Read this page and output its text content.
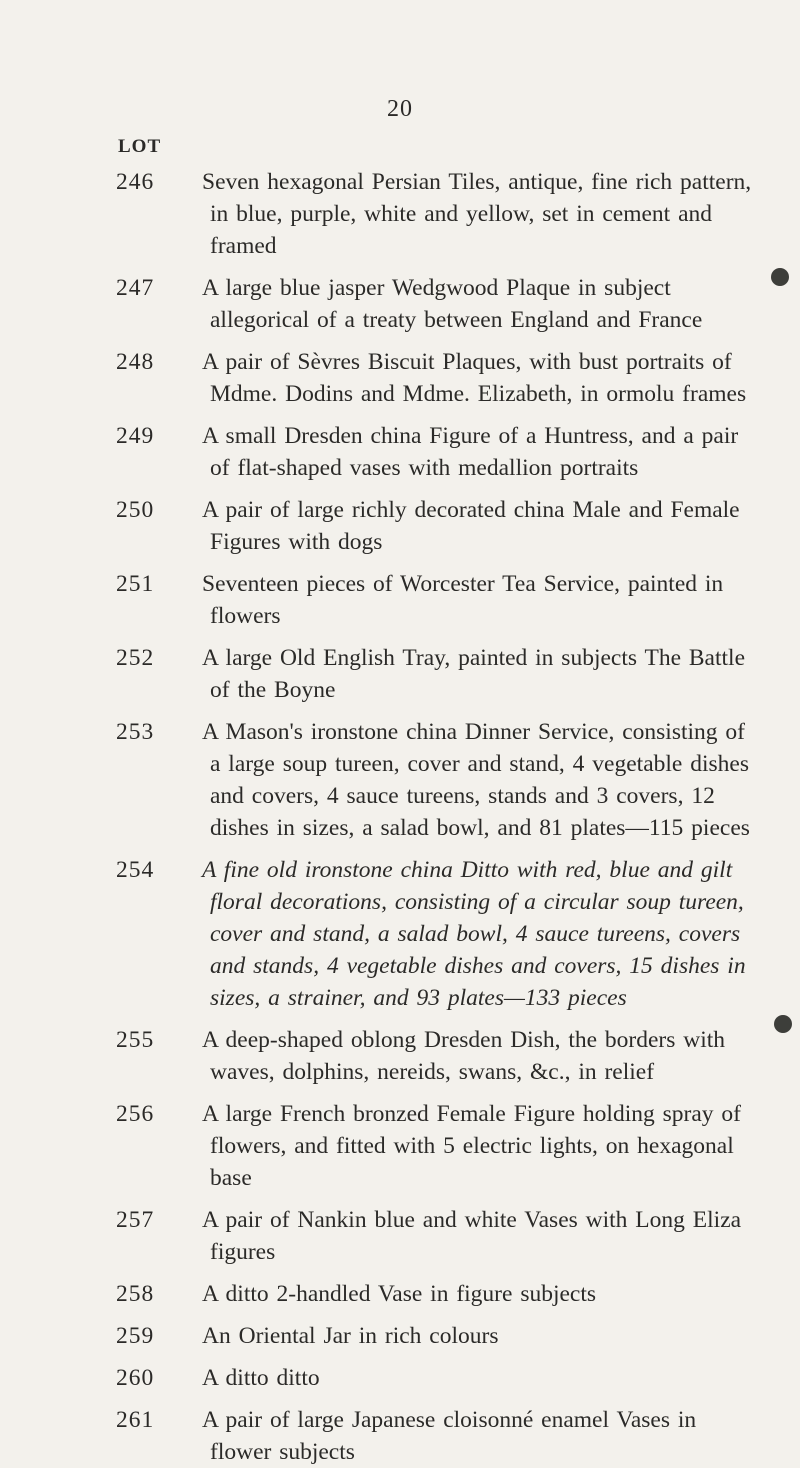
20
LOT
246	Seven hexagonal Persian Tiles, antique, fine rich pattern, in blue, purple, white and yellow, set in cement and framed
247	A large blue jasper Wedgwood Plaque in subject allegorical of a treaty between England and France
248	A pair of Sèvres Biscuit Plaques, with bust portraits of Mdme. Dodins and Mdme. Elizabeth, in ormolu frames
249	A small Dresden china Figure of a Huntress, and a pair of flat-shaped vases with medallion portraits
250	A pair of large richly decorated china Male and Female Figures with dogs
251	Seventeen pieces of Worcester Tea Service, painted in flowers
252	A large Old English Tray, painted in subjects The Battle of the Boyne
253	A Mason's ironstone china Dinner Service, consisting of a large soup tureen, cover and stand, 4 vegetable dishes and covers, 4 sauce tureens, stands and 3 covers, 12 dishes in sizes, a salad bowl, and 81 plates—115 pieces
254	A fine old ironstone china Ditto with red, blue and gilt floral decorations, consisting of a circular soup tureen, cover and stand, a salad bowl, 4 sauce tureens, covers and stands, 4 vegetable dishes and covers, 15 dishes in sizes, a strainer, and 93 plates—133 pieces
255	A deep-shaped oblong Dresden Dish, the borders with waves, dolphins, nereids, swans, &c., in relief
256	A large French bronzed Female Figure holding spray of flowers, and fitted with 5 electric lights, on hexagonal base
257	A pair of Nankin blue and white Vases with Long Eliza figures
258	A ditto 2-handled Vase in figure subjects
259	An Oriental Jar in rich colours
260	A ditto ditto
261	A pair of large Japanese cloisonné enamel Vases in flower subjects
